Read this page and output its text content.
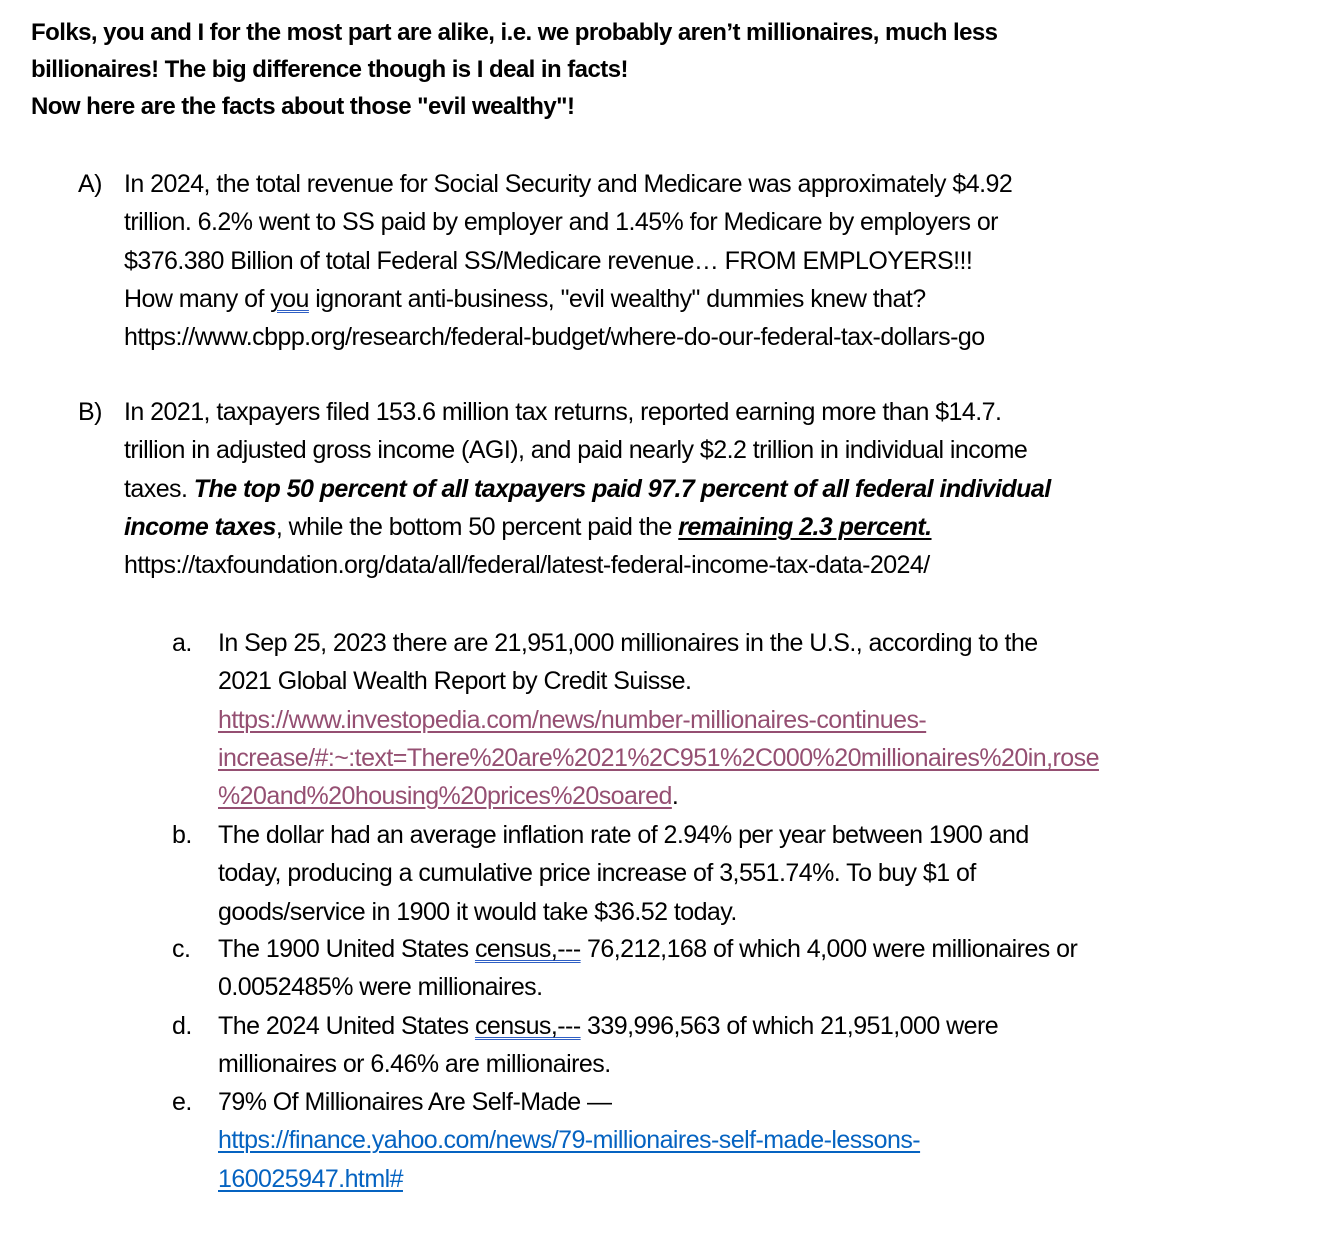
Folks, you and I for the most part are alike, i.e. we probably aren’t millionaires, much less
billionaires! The big difference though is I deal in facts!
Now here are the facts about those "evil wealthy"!
A) In 2024, the total revenue for Social Security and Medicare was approximately $4.92
trillion. 6.2% went to SS paid by employer and 1.45% for Medicare by employers or
$376.380 Billion of total Federal SS/Medicare revenue… FROM EMPLOYERS!!!
How many of you ignorant anti-business, "evil wealthy" dummies knew that?
https://www.cbpp.org/research/federal-budget/where-do-our-federal-tax-dollars-go
B) In 2021, taxpayers filed 153.6 million tax returns, reported earning more than $14.7.
trillion in adjusted gross income (AGI), and paid nearly $2.2 trillion in individual income
taxes. The top 50 percent of all taxpayers paid 97.7 percent of all federal individual
income taxes, while the bottom 50 percent paid the remaining 2.3 percent.
https://taxfoundation.org/data/all/federal/latest-federal-income-tax-data-2024/
a. In Sep 25, 2023 there are 21,951,000 millionaires in the U.S., according to the
2021 Global Wealth Report by Credit Suisse.
https://www.investopedia.com/news/number-millionaires-continues-
increase/#:~:text=There%20are%2021%2C951%2C000%20millionaires%20in,rose
%20and%20housing%20prices%20soared.
b. The dollar had an average inflation rate of 2.94% per year between 1900 and
today, producing a cumulative price increase of 3,551.74%. To buy $1 of
goods/service in 1900 it would take $36.52 today.
c. The 1900 United States census,--- 76,212,168 of which 4,000 were millionaires or
0.0052485% were millionaires.
d. The 2024 United States census,--- 339,996,563 of which 21,951,000 were
millionaires or 6.46% are millionaires.
e. 79% Of Millionaires Are Self-Made —
https://finance.yahoo.com/news/79-millionaires-self-made-lessons-
160025947.html#
